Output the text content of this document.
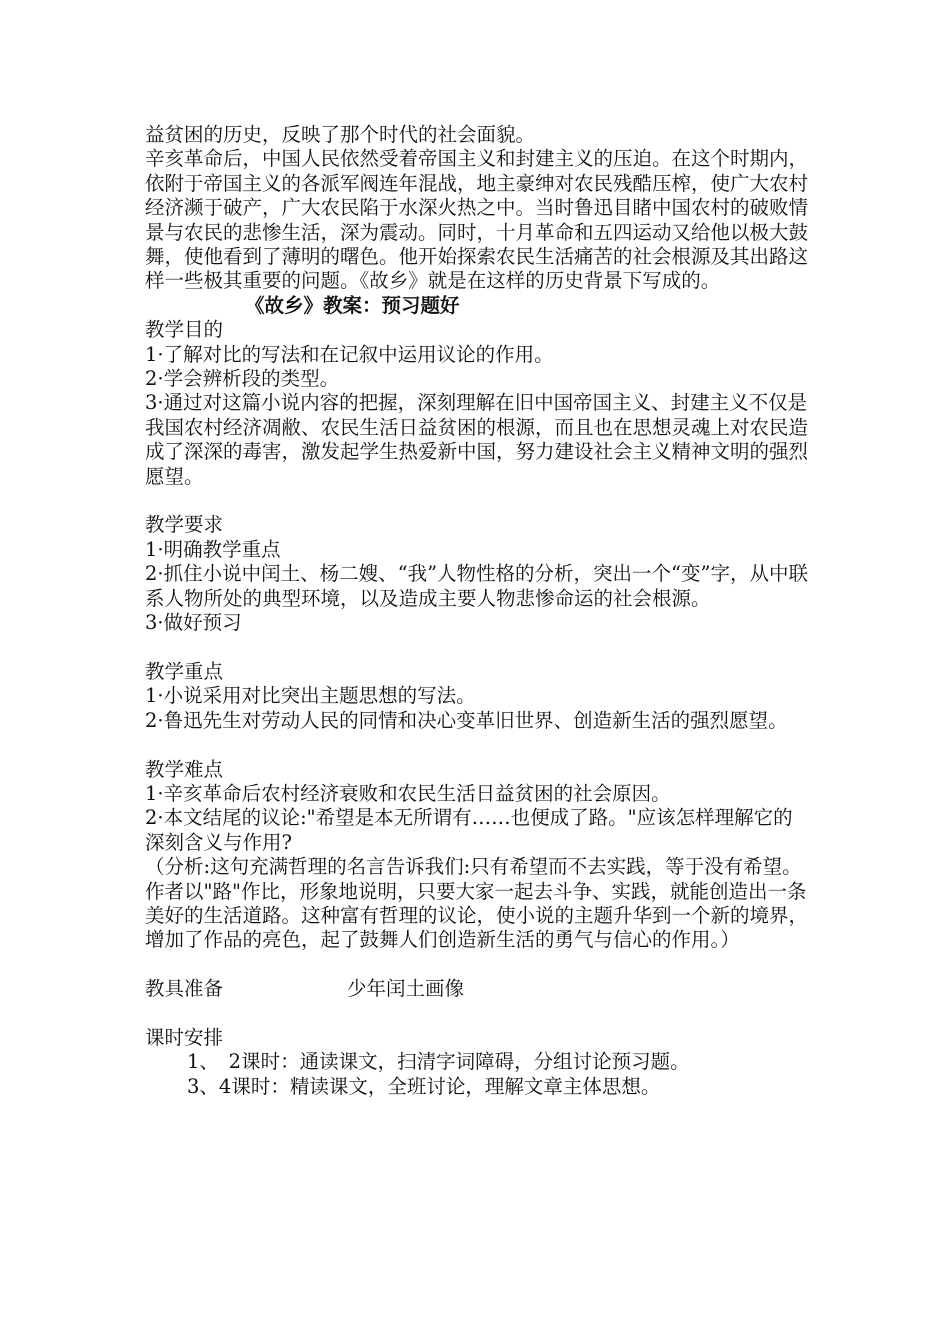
益贫困的历史，反映了那个时代的社会面貌。

辛亥革命后，中国人民依然受着帝国主义和封建主义的压迫。在这个时期内，依附于帝国主义的各派军阀连年混战，地主豪绅对农民残酷压榨，使广大农村经济濒于破产，广大农民陷于水深火热之中。当时鲁迅目睹中国农村的破败情景与农民的悲惨生活，深为震动。同时，十月革命和五四运动又给他以极大鼓舞，使他看到了薄明的曙色。他开始探索农民生活痛苦的社会根源及其出路这样一些极其重要的问题。《故乡》就是在这样的历史背景下写成的。

《故乡》教案：预习题好

教学目的

1·了解对比的写法和在记叙中运用议论的作用。

2·学会辨析段的类型。

3·通过对这篇小说内容的把握，深刻理解在旧中国帝国主义、封建主义不仅是我国农村经济凋敝、农民生活日益贫困的根源，而且也在思想灵魂上对农民造成了深深的毒害，激发起学生热爱新中国，努力建设社会主义精神文明的强烈愿望。

教学要求

1·明确教学重点

2·抓住小说中闰土、杨二嫂、“我”人物性格的分析，突出一个“变”字，从中联系人物所处的典型环境，以及造成主要人物悲惨命运的社会根源。

3·做好预习

教学重点

1·小说采用对比突出主题思想的写法。

2·鲁迅先生对劳动人民的同情和决心变革旧世界、创造新生活的强烈愿望。

教学难点

1·辛亥革命后农村经济衰败和农民生活日益贫困的社会原因。

2·本文结尾的议论:"希望是本无所谓有……也便成了路。"应该怎样理解它的深刻含义与作用?

（分析:这句充满哲理的名言告诉我们:只有希望而不去实践，等于没有希望。作者以"路"作比，形象地说明，只要大家一起去斗争、实践，就能创造出一条美好的生活道路。这种富有哲理的议论，使小说的主题升华到一个新的境界，增加了作品的亮色，起了鼓舞人们创造新生活的勇气与信心的作用。）

教具准备	少年闰土画像

课时安排

1、　2课时：通读课文，扫清字词障碍，分组讨论预习题。

3、4课时：精读课文，全班讨论，理解文章主体思想。
